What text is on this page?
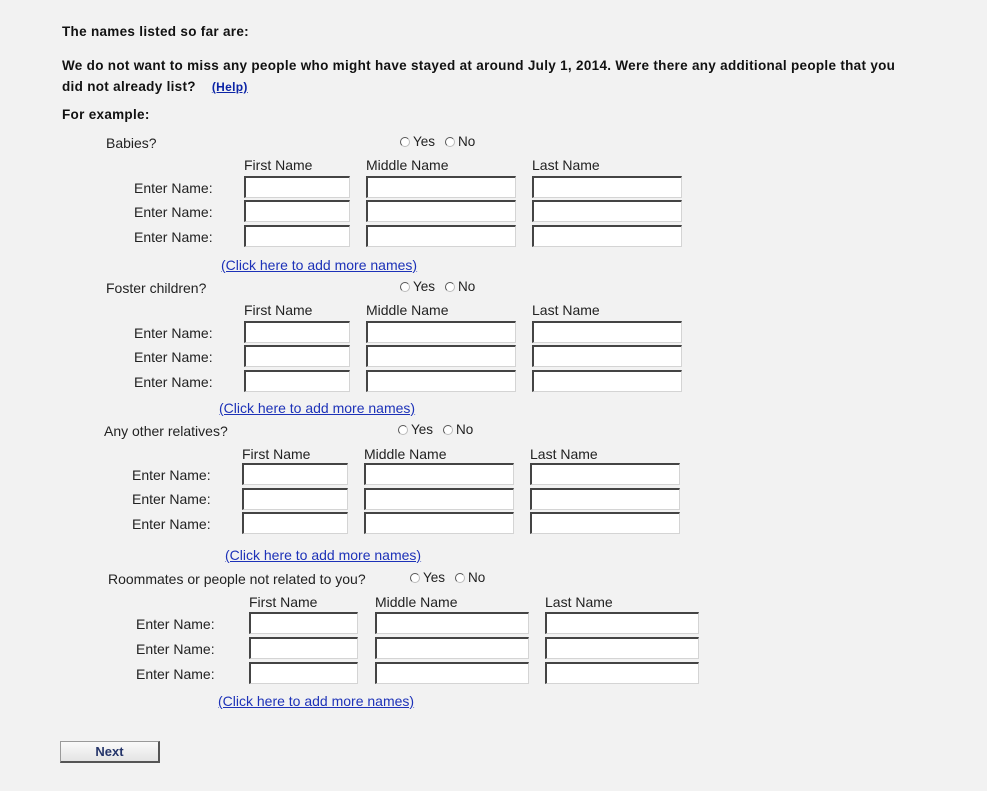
The names listed so far are:
We do not want to miss any people who might have stayed at around July 1, 2014. Were there any additional people that you
did not already list? (Help)
For example:
Babies?	Yes No
First Name	Middle Name	Last Name
Enter Name:
Enter Name:
Enter Name:
(Click here to add more names)
Foster children?	Yes No
First Name	Middle Name	Last Name
Enter Name:
Enter Name:
Enter Name:
(Click here to add more names)
Any other relatives?	Yes No
First Name	Middle Name	Last Name
Enter Name:
Enter Name:
Enter Name:
(Click here to add more names)
Roommates or people not related to you?	Yes No
First Name	Middle Name	Last Name
Enter Name:
Enter Name:
Enter Name:
(Click here to add more names)
Next
